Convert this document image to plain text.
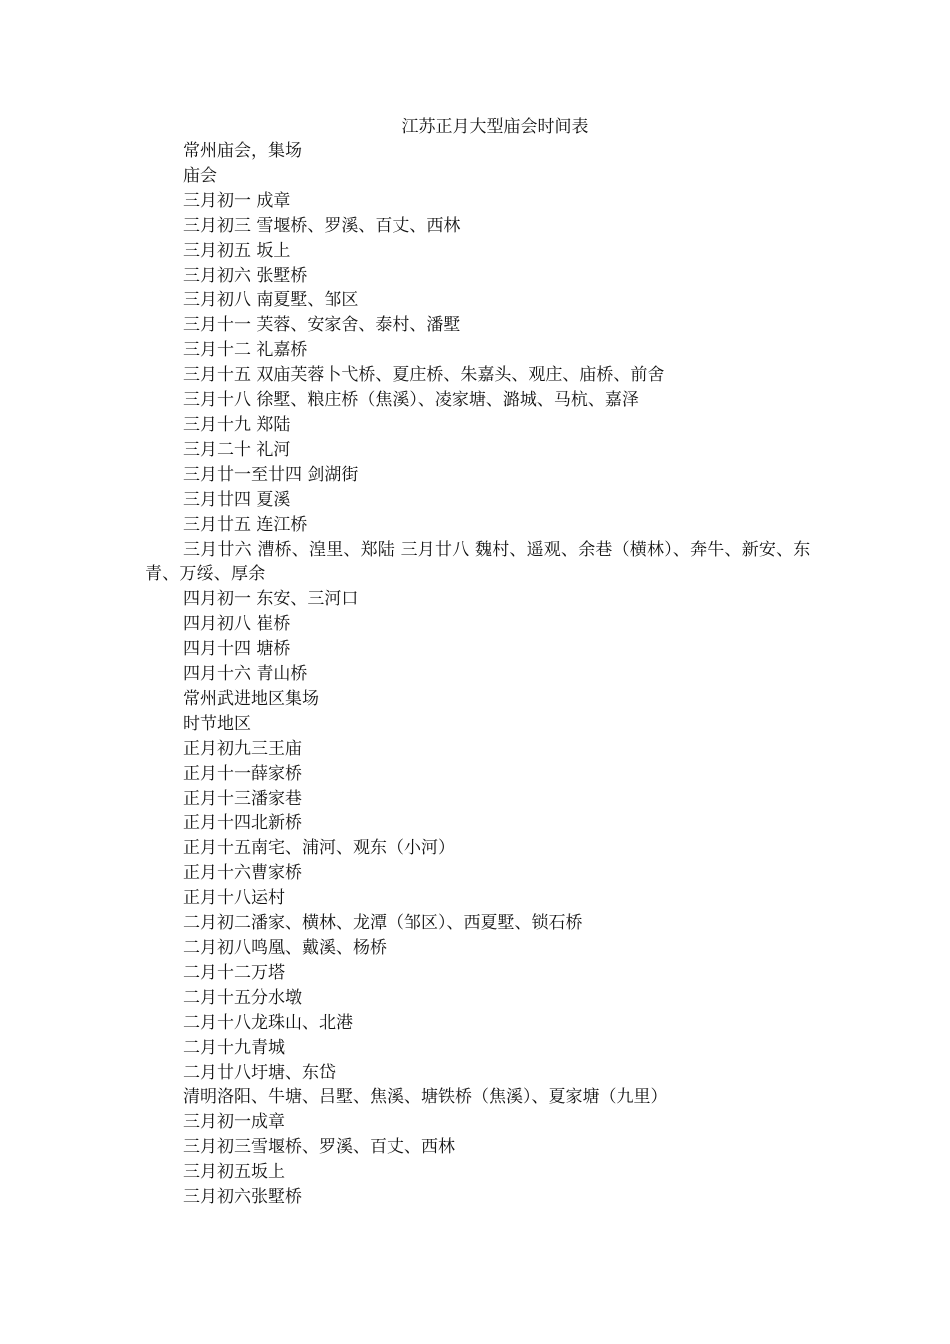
江苏正月大型庙会时间表

常州庙会，集场

庙会

三月初一 成章

三月初三 雪堰桥、罗溪、百丈、西林

三月初五 坂上

三月初六 张墅桥

三月初八 南夏墅、邹区

三月十一 芙蓉、安家舍、泰村、潘墅

三月十二 礼嘉桥

三月十五 双庙芙蓉卜弋桥、夏庄桥、朱嘉头、观庄、庙桥、前舍

三月十八 徐墅、粮庄桥（焦溪）、凌家塘、潞城、马杭、嘉泽

三月十九 郑陆

三月二十 礼河

三月廿一至廿四 剑湖街

三月廿四 夏溪

三月廿五 连江桥

三月廿六 漕桥、湟里、郑陆 三月廿八 魏村、遥观、余巷（横林）、奔牛、新安、东青、万绥、厚余

四月初一 东安、三河口

四月初八 崔桥

四月十四 塘桥

四月十六 青山桥

常州武进地区集场

时节地区

正月初九三王庙

正月十一薛家桥

正月十三潘家巷

正月十四北新桥

正月十五南宅、浦河、观东（小河）

正月十六曹家桥

正月十八运村

二月初二潘家、横林、龙潭（邹区）、西夏墅、锁石桥

二月初八鸣凰、戴溪、杨桥

二月十二万塔

二月十五分水墩

二月十八龙珠山、北港

二月十九青城

二月廿八圩塘、东岱

清明洛阳、牛塘、吕墅、焦溪、塘铁桥（焦溪）、夏家塘（九里）

三月初一成章

三月初三雪堰桥、罗溪、百丈、西林

三月初五坂上

三月初六张墅桥
